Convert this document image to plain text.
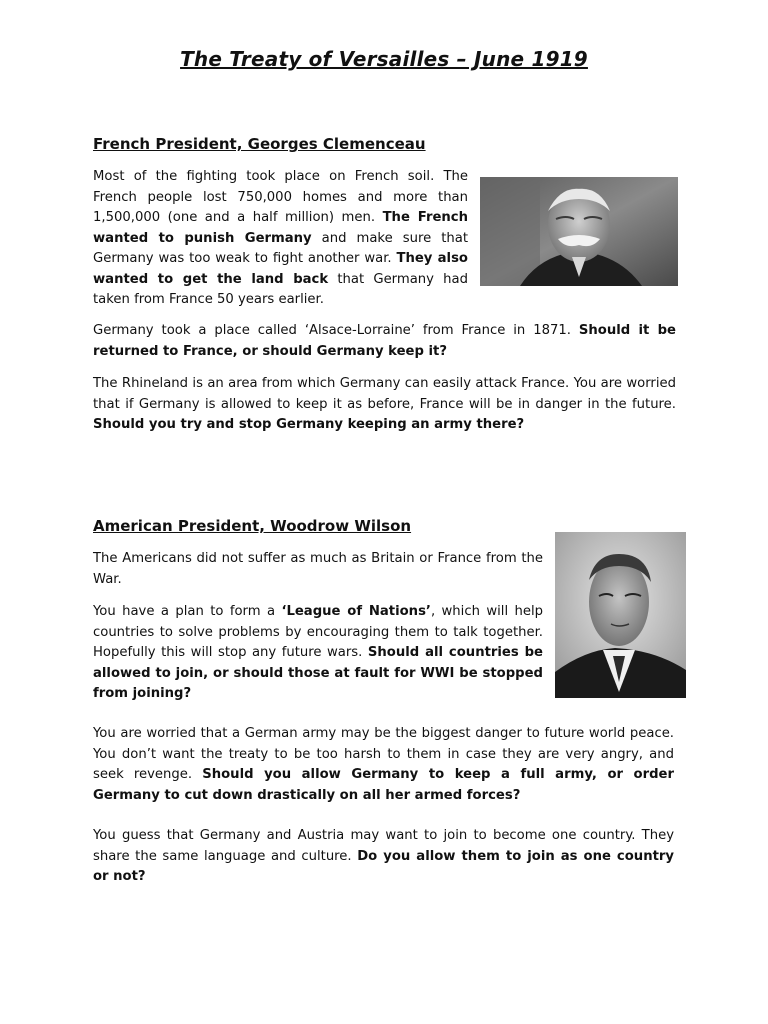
The Treaty of Versailles – June 1919
French President, Georges Clemenceau
Most of the fighting took place on French soil. The French people lost 750,000 homes and more than 1,500,000 (one and a half million) men. The French wanted to punish Germany and make sure that Germany was too weak to fight another war. They also wanted to get the land back that Germany had taken from France 50 years earlier.
Germany took a place called ‘Alsace-Lorraine’ from France in 1871. Should it be returned to France, or should Germany keep it?
The Rhineland is an area from which Germany can easily attack France. You are worried that if Germany is allowed to keep it as before, France will be in danger in the future. Should you try and stop Germany keeping an army there?
American President, Woodrow Wilson
The Americans did not suffer as much as Britain or France from the War.
You have a plan to form a ‘League of Nations’, which will help countries to solve problems by encouraging them to talk together. Hopefully this will stop any future wars. Should all countries be allowed to join, or should those at fault for WWI be stopped from joining?
You are worried that a German army may be the biggest danger to future world peace. You don’t want the treaty to be too harsh to them in case they are very angry, and seek revenge. Should you allow Germany to keep a full army, or order Germany to cut down drastically on all her armed forces?
You guess that Germany and Austria may want to join to become one country. They share the same language and culture. Do you allow them to join as one country or not?
